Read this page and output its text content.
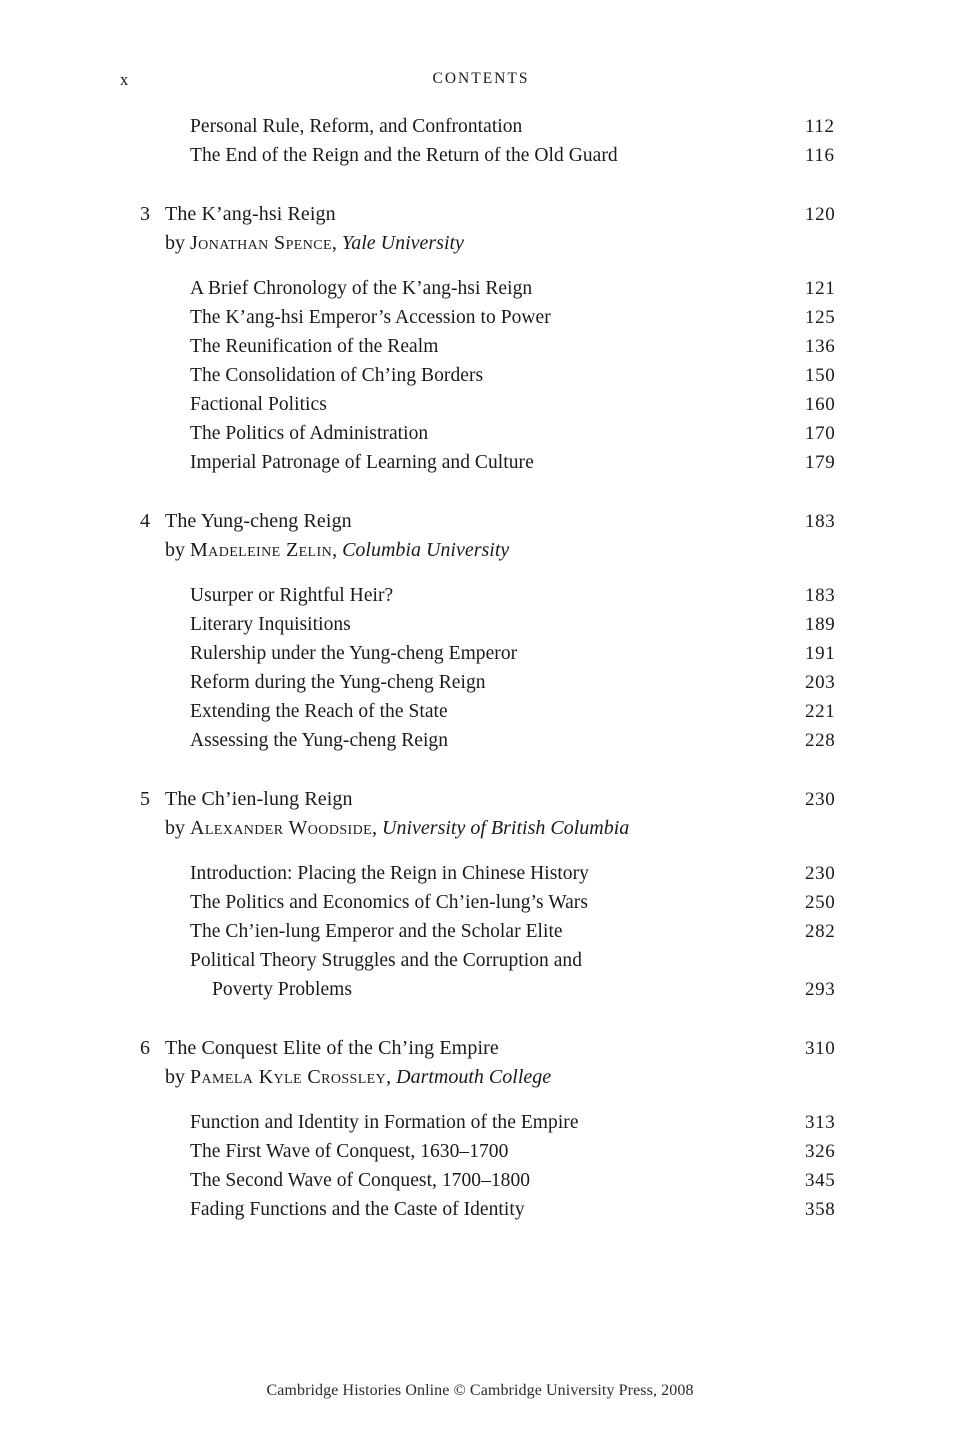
x	CONTENTS
Personal Rule, Reform, and Confrontation	112
The End of the Reign and the Return of the Old Guard	116
3 The K’ang-hsi Reign	120
by Jonathan Spence, Yale University
A Brief Chronology of the K’ang-hsi Reign	121
The K’ang-hsi Emperor’s Accession to Power	125
The Reunification of the Realm	136
The Consolidation of Ch’ing Borders	150
Factional Politics	160
The Politics of Administration	170
Imperial Patronage of Learning and Culture	179
4 The Yung-cheng Reign	183
by Madeleine Zelin, Columbia University
Usurper or Rightful Heir?	183
Literary Inquisitions	189
Rulership under the Yung-cheng Emperor	191
Reform during the Yung-cheng Reign	203
Extending the Reach of the State	221
Assessing the Yung-cheng Reign	228
5 The Ch’ien-lung Reign	230
by Alexander Woodside, University of British Columbia
Introduction: Placing the Reign in Chinese History	230
The Politics and Economics of Ch’ien-lung’s Wars	250
The Ch’ien-lung Emperor and the Scholar Elite	282
Political Theory Struggles and the Corruption and
Poverty Problems	293
6 The Conquest Elite of the Ch’ing Empire	310
by Pamela Kyle Crossley, Dartmouth College
Function and Identity in Formation of the Empire	313
The First Wave of Conquest, 1630–1700	326
The Second Wave of Conquest, 1700–1800	345
Fading Functions and the Caste of Identity	358
Cambridge Histories Online © Cambridge University Press, 2008
